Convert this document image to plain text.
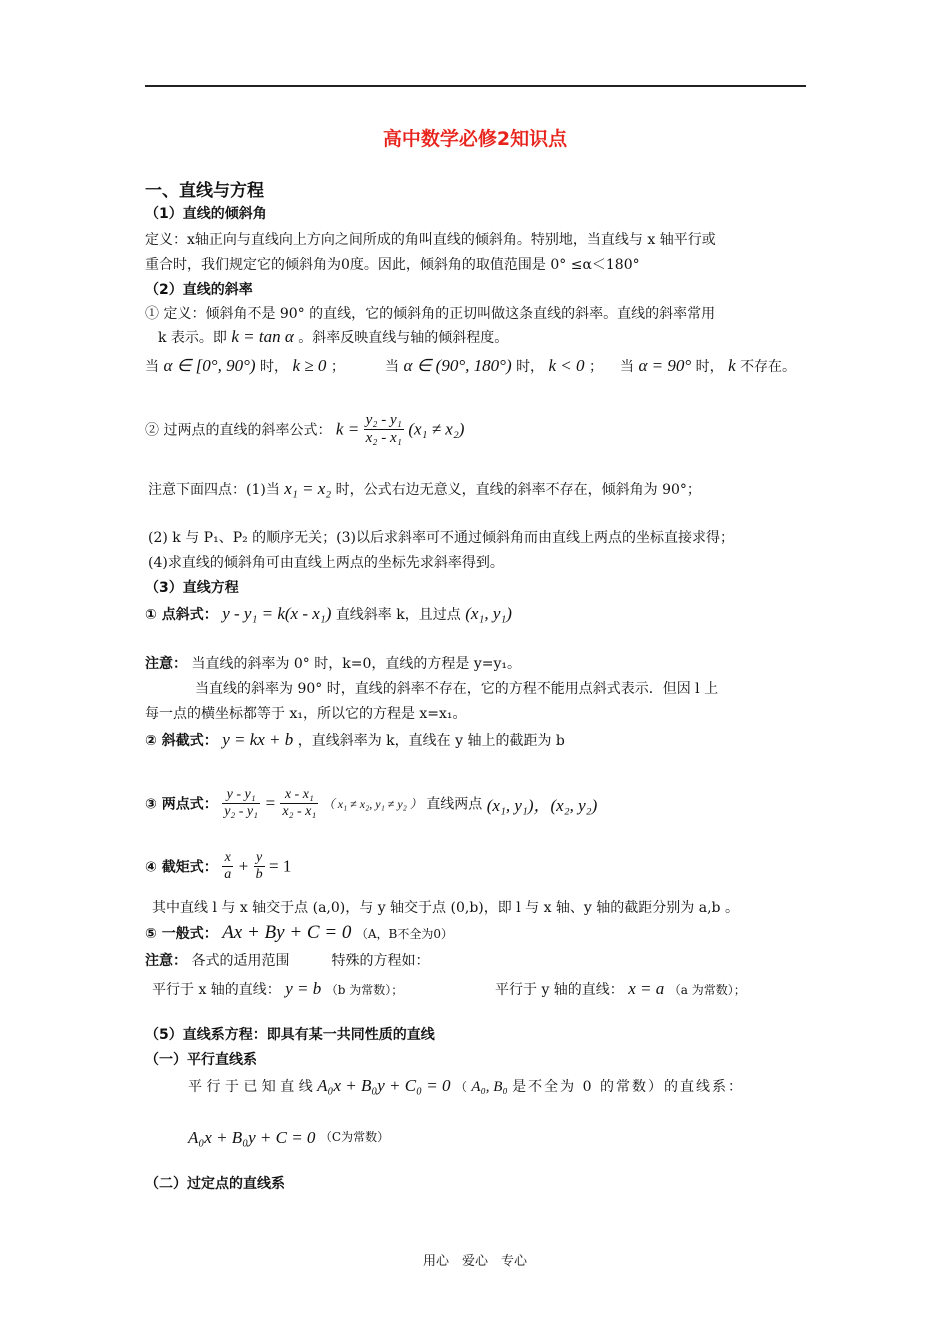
高中数学必修2知识点
一、直线与方程
（1）直线的倾斜角
定义：x轴正向与直线向上方向之间所成的角叫直线的倾斜角。特别地，当直线与 x 轴平行或
重合时，我们规定它的倾斜角为0度。因此，倾斜角的取值范围是 0° ≤α＜180°
（2）直线的斜率
① 定义：倾斜角不是 90° 的直线，它的倾斜角的正切叫做这条直线的斜率。直线的斜率常用
k 表示。即 k = tan α 。斜率反映直线与轴的倾斜程度。
当 α ∈ [0°, 90°) 时， k ≥ 0 ；	当 α ∈ (90°, 180°) 时， k < 0 ； 当 α = 90° 时， k 不存在。
② 过两点的直线的斜率公式： $k = \frac{\text{y₂ - y₁}}{\text{x₂ - x₁}} (x_1 \ne x_2)$
注意下面四点：(1)当 x₁ = x₂ 时，公式右边无意义，直线的斜率不存在，倾斜角为 90°；
(2) k 与 P₁、P₂ 的顺序无关；(3)以后求斜率可不通过倾斜角而由直线上两点的坐标直接求得；
(4)求直线的倾斜角可由直线上两点的坐标先求斜率得到。
（3）直线方程
① 点斜式： y - y₁ = k(x - x₁) 直线斜率 k，且过点 (x₁, y₁)
注意： 当直线的斜率为 0° 时，k=0，直线的方程是 y=y₁。
当直线的斜率为 90° 时，直线的斜率不存在，它的方程不能用点斜式表示．但因 l 上
每一点的横坐标都等于 x₁，所以它的方程是 x=x₁。
② 斜截式： y = kx + b ，直线斜率为 k，直线在 y 轴上的截距为 b
③ 两点式： $\frac{\text{y - y₁}}{\text{y₂ - y₁}} = \frac{\text{x - x₁}}{\text{x₂ - x₁}}$ （ x₁ ≠ x₂, y₁ ≠ y₂ ） 直线两点 (x₁, y₁)，(x₂, y₂)
④ 截矩式： $\frac{x}{a} + \frac{y}{b} = 1$
其中直线 l 与 x 轴交于点 (a,0)，与 y 轴交于点 (0,b)，即 l 与 x 轴、y 轴的截距分别为 a,b 。
⑤ 一般式： Ax + By + C = 0 （A，B不全为0）
注意： 各式的适用范围　　　特殊的方程如：
平行于 x 轴的直线： y = b （b 为常数）；	平行于 y 轴的直线： x = a （a 为常数）；
（5）直线系方程：即具有某一共同性质的直线
（一）平行直线系
平 行 于 已 知 直 线 A₀x + B₀y + C₀ = 0 （ A₀, B₀ 是不全为 0 的常数）的直线系：
A₀x + B₀y + C = 0 （C为常数）
（二）过定点的直线系
用心　爱心　专心
